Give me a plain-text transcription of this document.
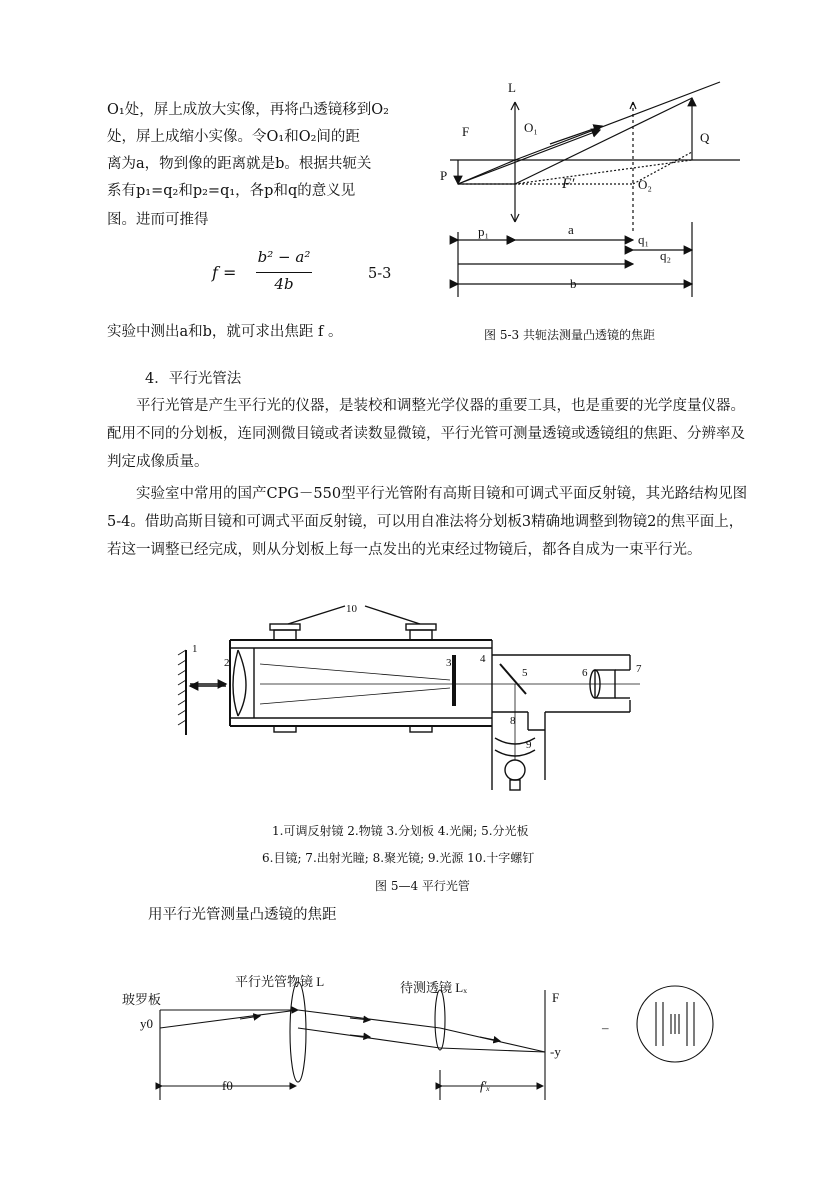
O₁处，屏上成放大实像，再将凸透镜移到O₂
处，屏上成缩小实像。令O₁和O₂间的距
离为a，物到像的距离就是b。根据共轭关
系有p₁=q₂和p₂=q₁，各p和q的意义见
图。进而可推得
f =
b² − a²
4b
5-3
实验中测出a和b，就可求出焦距 f 。
L
O₁
O₂
F	Q
P
F′
p₁	a
q₁
q₂
b
图 5-3 共轭法测量凸透镜的焦距
4．平行光管法
平行光管是产生平行光的仪器，是装校和调整光学仪器的重要工具，也是重要的光学度量仪器。配用不同的分划板，连同测微目镜或者读数显微镜，平行光管可测量透镜或透镜组的焦距、分辨率及判定成像质量。
实验室中常用的国产CPG－550型平行光管附有高斯目镜和可调式平面反射镜，其光路结构见图5-4。借助高斯目镜和可调式平面反射镜，可以用自准法将分划板3精确地调整到物镜2的焦平面上，若这一调整已经完成，则从分划板上每一点发出的光束经过物镜后，都各自成为一束平行光。
1
2	3	4
5	6	7
8
9
10
1.可调反射镜 2.物镜 3.分划板 4.光阑; 5.分光板
6.目镜; 7.出射光瞳; 8.聚光镜; 9.光源 10.十字螺钉
图 5—4 平行光管
用平行光管测量凸透镜的焦距
玻罗板
平行光管物镜 L	待测透镜 Lₓ
F
y0
-y
f0	f′ₓ
–
